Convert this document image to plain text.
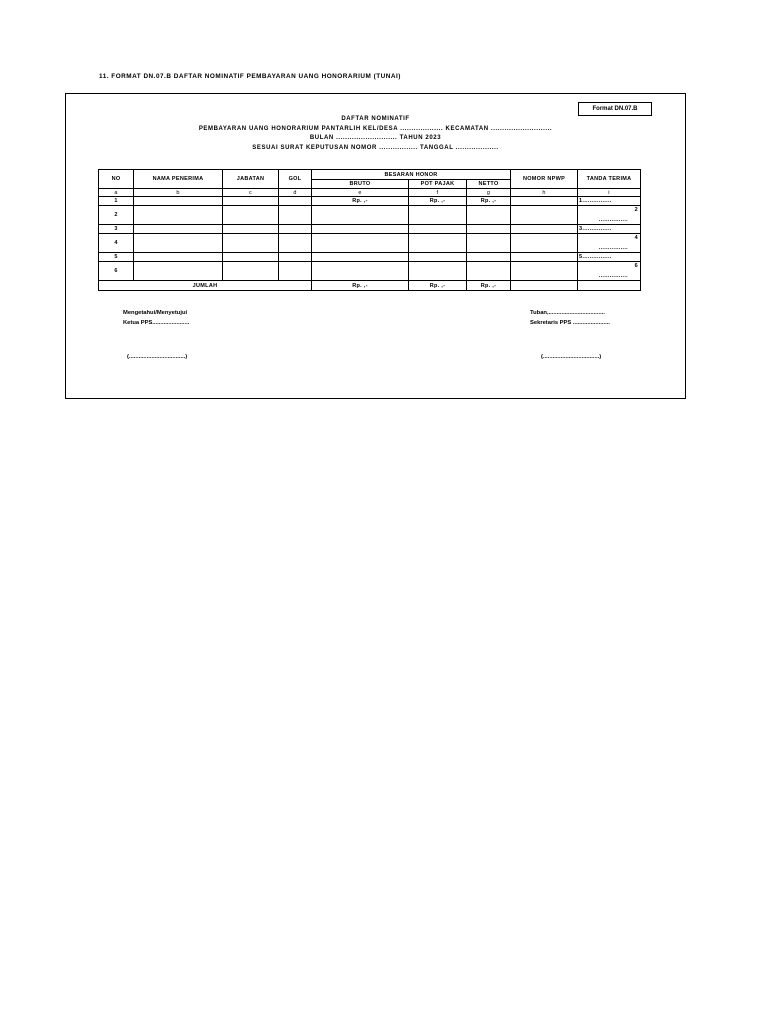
11. FORMAT DN.07.B DAFTAR NOMINATIF PEMBAYARAN UANG HONORARIUM (TUNAI)
Format DN.07.B
DAFTAR NOMINATIF
PEMBAYARAN UANG HONORARIUM PANTARLIH KEL/DESA ................... KECAMATAN ...........................
BULAN ........................... TAHUN 2023
SESUAI SURAT KEPUTUSAN NOMOR ................. TANGGAL ...................
NO	NAMA PENERIMA	JABATAN	GOL	BESARAN HONOR			NOMOR NPWP	TANDA TERIMA
				BRUTO	POT PAJAK	NETTO		
a	b	c	d	e	f	g	h	i
1				Rp. ,-	Rp. ,-	Rp. ,-		1................
2								2
................

3								3................
4								4
................

5								5................
6								6
................

JUMLAH				Rp. ,-	Rp. ,-	Rp. ,-		
Mengetahui/Menyetujui
Ketua PPS.......................
Tuban,...................................
Sekretaris PPS .......................
(...................................)	(...................................)
